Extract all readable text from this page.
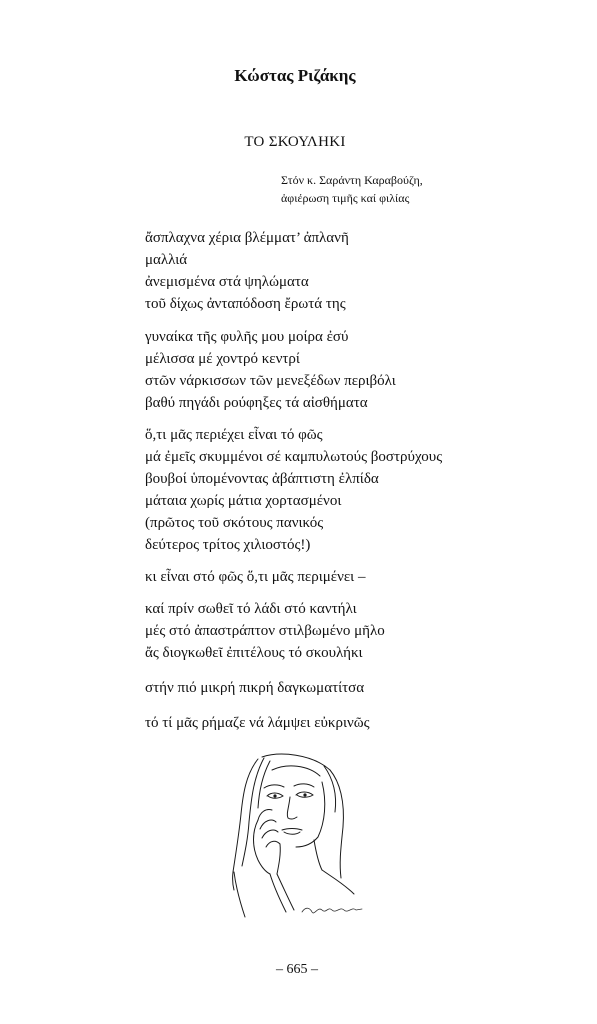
Κώστας Ριζάκης
ΤΟ ΣΚΟΥΛΗΚΙ
Στόν κ. Σαράντη Καραβούζη,
ἀφιέρωση τιμῆς καί φιλίας
ἄσπλαχνα χέρια βλέμματ’ ἀπλανῆ
μαλλιά
ἀνεμισμένα στά ψηλώματα
τοῦ δίχως ἀνταπόδοση ἔρωτά της
γυναίκα τῆς φυλῆς μου μοίρα ἐσύ
μέλισσα μέ χοντρό κεντρί
στῶν νάρκισσων τῶν μενεξέδων περιβόλι
βαθύ πηγάδι ρούφηξες τά αἰσθήματα
ὅ,τι μᾶς περιέχει εἶναι τό φῶς
μά ἐμεῖς σκυμμένοι σέ καμπυλωτούς βοστρύχους
βουβοί ὑπομένοντας ἀβάπτιστη ἐλπίδα
μάταια χωρίς μάτια χορτασμένοι
(πρῶτος τοῦ σκότους πανικός
δεύτερος τρίτος χιλιοστός!)
κι εἶναι στό φῶς ὅ,τι μᾶς περιμένει –
καί πρίν σωθεῖ τό λάδι στό καντήλι
μές στό ἀπαστράπτον στιλβωμένο μῆλο
ἄς διογκωθεῖ ἐπιτέλους τό σκουλήκι
στήν πιό μικρή πικρή δαγκωματίτσα
τό τί μᾶς ρήμαζε νά λάμψει εὐκρινῶς
– 665 –
